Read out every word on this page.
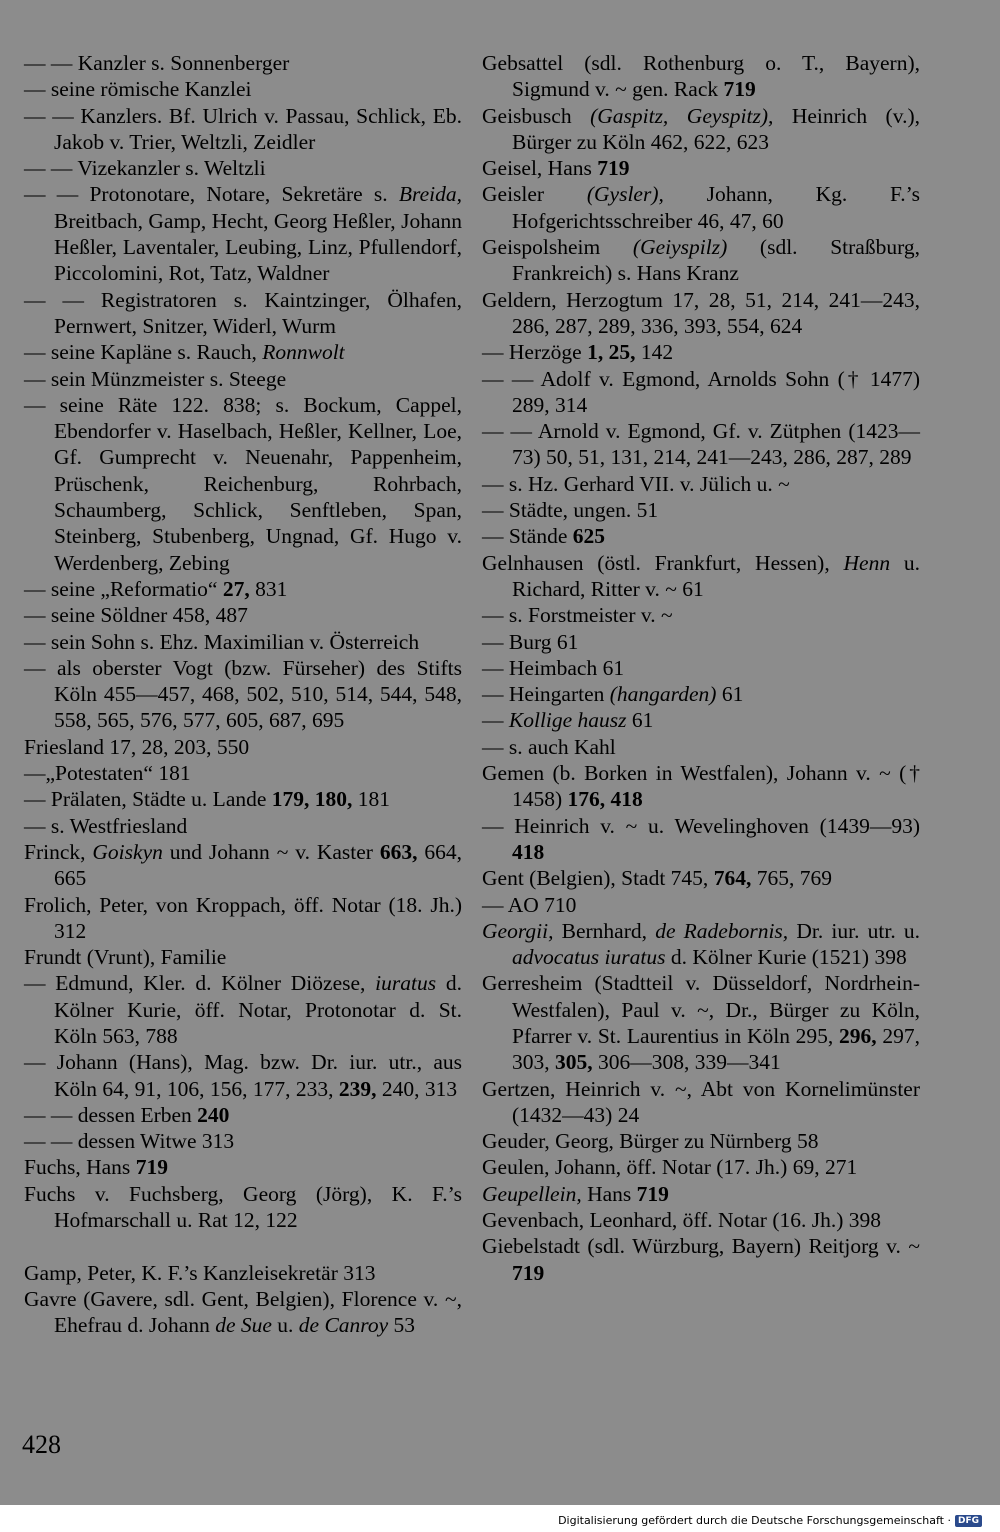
— — Kanzler s. Sonnenberger
— seine römische Kanzlei
— — Kanzlers. Bf. Ulrich v. Passau, Schlick, Eb. Jakob v. Trier, Weltzli, Zeidler
— — Vizekanzler s. Weltzli
— — Protonotare, Notare, Sekretäre s. Breida, Breitbach, Gamp, Hecht, Georg Heßler, Johann Heßler, Laventaler, Leubing, Linz, Pfullendorf, Piccolomini, Rot, Tatz, Waldner
— — Registratoren s. Kaintzinger, Ölhafen, Pernwert, Snitzer, Widerl, Wurm
— seine Kapläne s. Rauch, Ronnwolt
— sein Münzmeister s. Steege
— seine Räte 122. 838; s. Bockum, Cappel, Ebendorfer v. Haselbach, Heßler, Kellner, Loe, Gf. Gumprecht v. Neuenahr, Pappenheim, Prüschenk, Reichenburg, Rohrbach, Schaumberg, Schlick, Senftleben, Span, Steinberg, Stubenberg, Ungnad, Gf. Hugo v. Werdenberg, Zebing
— seine „Reformatio“ 27, 831
— seine Söldner 458, 487
— sein Sohn s. Ehz. Maximilian v. Österreich
— als oberster Vogt (bzw. Fürseher) des Stifts Köln 455—457, 468, 502, 510, 514, 544, 548, 558, 565, 576, 577, 605, 687, 695
Friesland 17, 28, 203, 550
—„Potestaten“ 181
— Prälaten, Städte u. Lande 179, 180, 181
— s. Westfriesland
Frinck, Goiskyn und Johann ~ v. Kaster 663, 664, 665
Frolich, Peter, von Kroppach, öff. Notar (18. Jh.) 312
Frundt (Vrunt), Familie
— Edmund, Kler. d. Kölner Diözese, iuratus d. Kölner Kurie, öff. Notar, Protonotar d. St. Köln 563, 788
— Johann (Hans), Mag. bzw. Dr. iur. utr., aus Köln 64, 91, 106, 156, 177, 233, 239, 240, 313
— — dessen Erben 240
— — dessen Witwe 313
Fuchs, Hans 719
Fuchs v. Fuchsberg, Georg (Jörg), K. F.’s Hofmarschall u. Rat 12, 122
Gamp, Peter, K. F.’s Kanzleisekretär 313
Gavre (Gavere, sdl. Gent, Belgien), Florence v. ~, Ehefrau d. Johann de Sue u. de Canroy 53
Gebsattel (sdl. Rothenburg o. T., Bayern), Sigmund v. ~ gen. Rack 719
Geisbusch (Gaspitz, Geyspitz), Heinrich (v.), Bürger zu Köln 462, 622, 623
Geisel, Hans 719
Geisler (Gysler), Johann, Kg. F.’s Hofgerichtsschreiber 46, 47, 60
Geispolsheim (Geiyspilz) (sdl. Straßburg, Frankreich) s. Hans Kranz
Geldern, Herzogtum 17, 28, 51, 214, 241—243, 286, 287, 289, 336, 393, 554, 624
— Herzöge 1, 25, 142
— — Adolf v. Egmond, Arnolds Sohn († 1477) 289, 314
— — Arnold v. Egmond, Gf. v. Zütphen (1423—73) 50, 51, 131, 214, 241—243, 286, 287, 289
— s. Hz. Gerhard VII. v. Jülich u. ~
— Städte, ungen. 51
— Stände 625
Gelnhausen (östl. Frankfurt, Hessen), Henn u. Richard, Ritter v. ~ 61
— s. Forstmeister v. ~
— Burg 61
— Heimbach 61
— Heingarten (hangarden) 61
— Kollige hausz 61
— s. auch Kahl
Gemen (b. Borken in Westfalen), Johann v. ~ († 1458) 176, 418
— Heinrich v. ~ u. Wevelinghoven (1439—93) 418
Gent (Belgien), Stadt 745, 764, 765, 769
— AO 710
Georgii, Bernhard, de Radebornis, Dr. iur. utr. u. advocatus iuratus d. Kölner Kurie (1521) 398
Gerresheim (Stadtteil v. Düsseldorf, Nordrhein-Westfalen), Paul v. ~, Dr., Bürger zu Köln, Pfarrer v. St. Laurentius in Köln 295, 296, 297, 303, 305, 306—308, 339—341
Gertzen, Heinrich v. ~, Abt von Kornelimünster (1432—43) 24
Geuder, Georg, Bürger zu Nürnberg 58
Geulen, Johann, öff. Notar (17. Jh.) 69, 271
Geupellein, Hans 719
Gevenbach, Leonhard, öff. Notar (16. Jh.) 398
Giebelstadt (sdl. Würzburg, Bayern) Reitjorg v. ~ 719
428
Digitalisierung gefördert durch die Deutsche Forschungsgemeinschaft · DFG
